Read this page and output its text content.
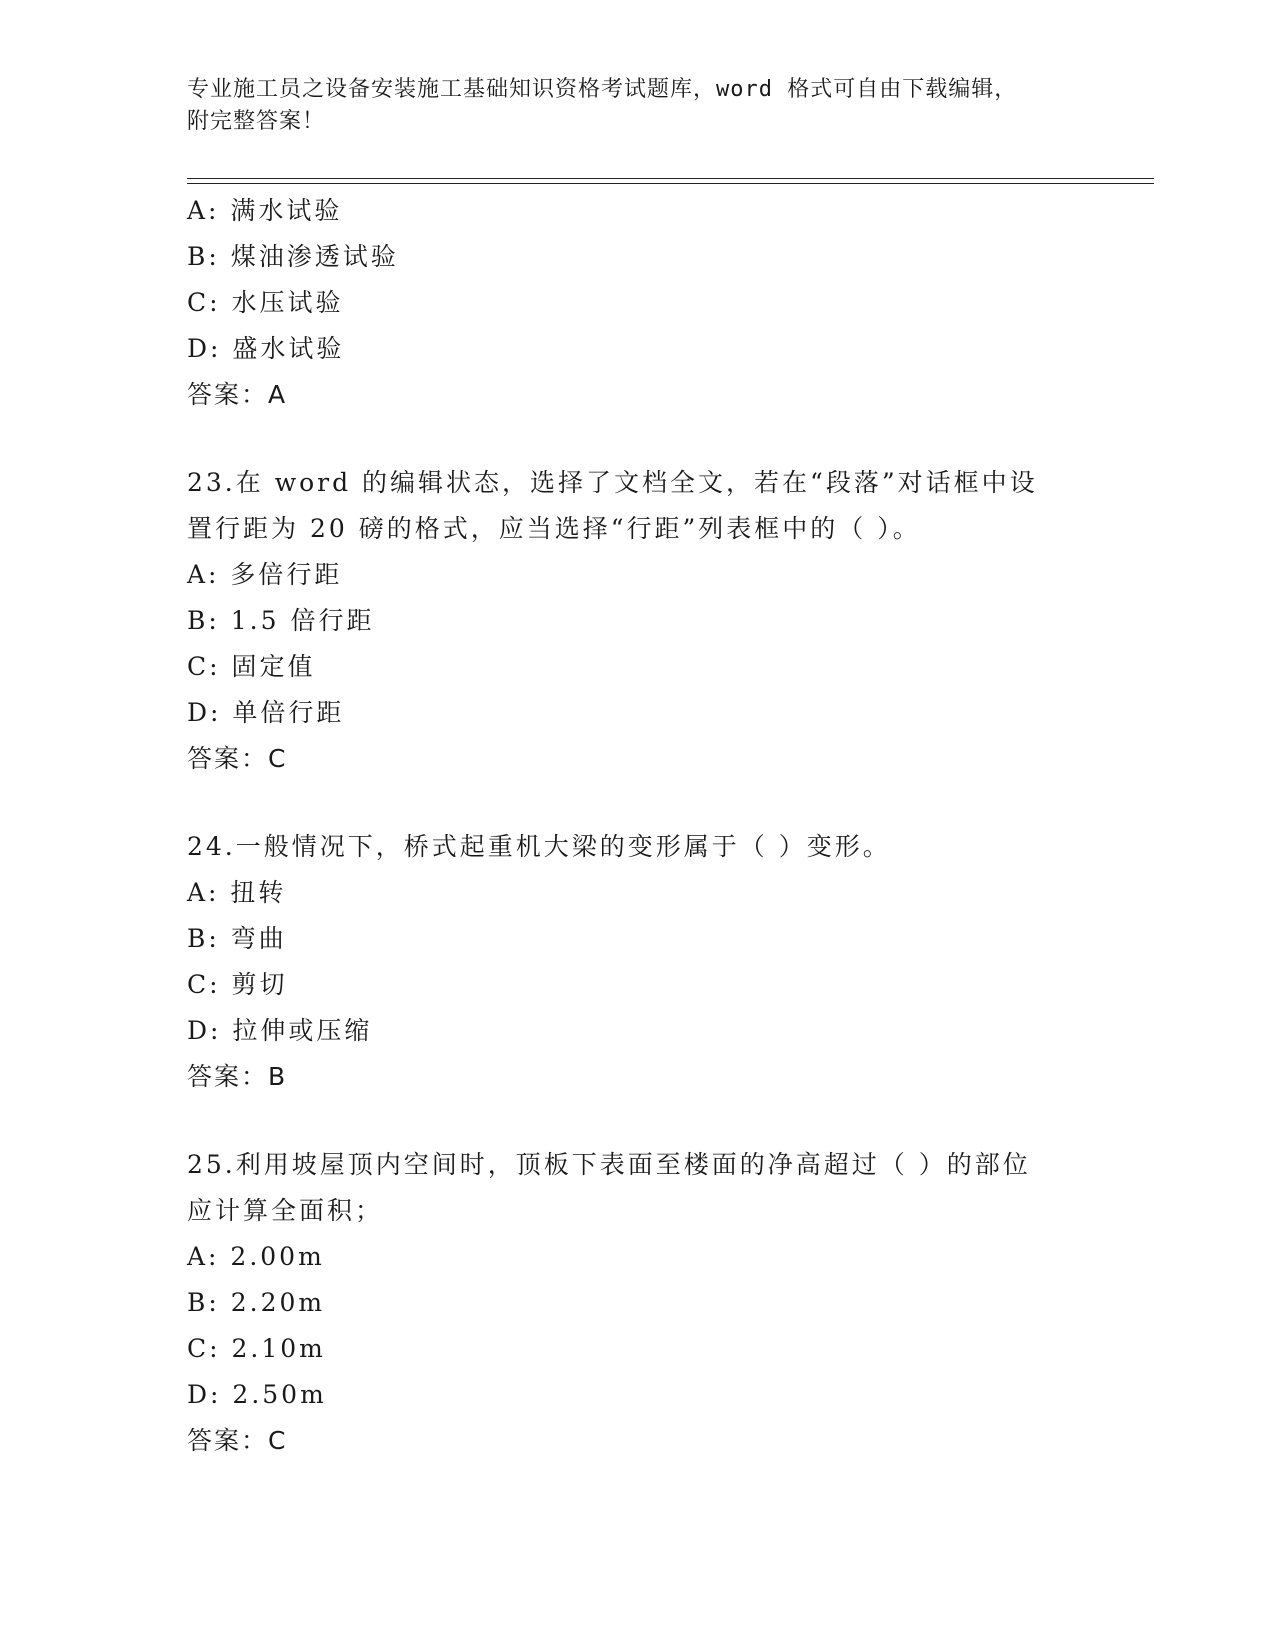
专业施工员之设备安装施工基础知识资格考试题库，word 格式可自由下载编辑，
附完整答案！
A: 满水试验
B: 煤油渗透试验
C: 水压试验
D: 盛水试验
答案：A
23.在 word 的编辑状态，选择了文档全文，若在“段落”对话框中设
置行距为 20 磅的格式，应当选择“行距”列表框中的（ ）。
A: 多倍行距
B: 1.5 倍行距
C: 固定值
D: 单倍行距
答案：C
24.一般情况下，桥式起重机大梁的变形属于（ ）变形。
A: 扭转
B: 弯曲
C: 剪切
D: 拉伸或压缩
答案：B
25.利用坡屋顶内空间时，顶板下表面至楼面的净高超过（ ）的部位
应计算全面积；
A: 2.00m
B: 2.20m
C: 2.10m
D: 2.50m
答案：C
